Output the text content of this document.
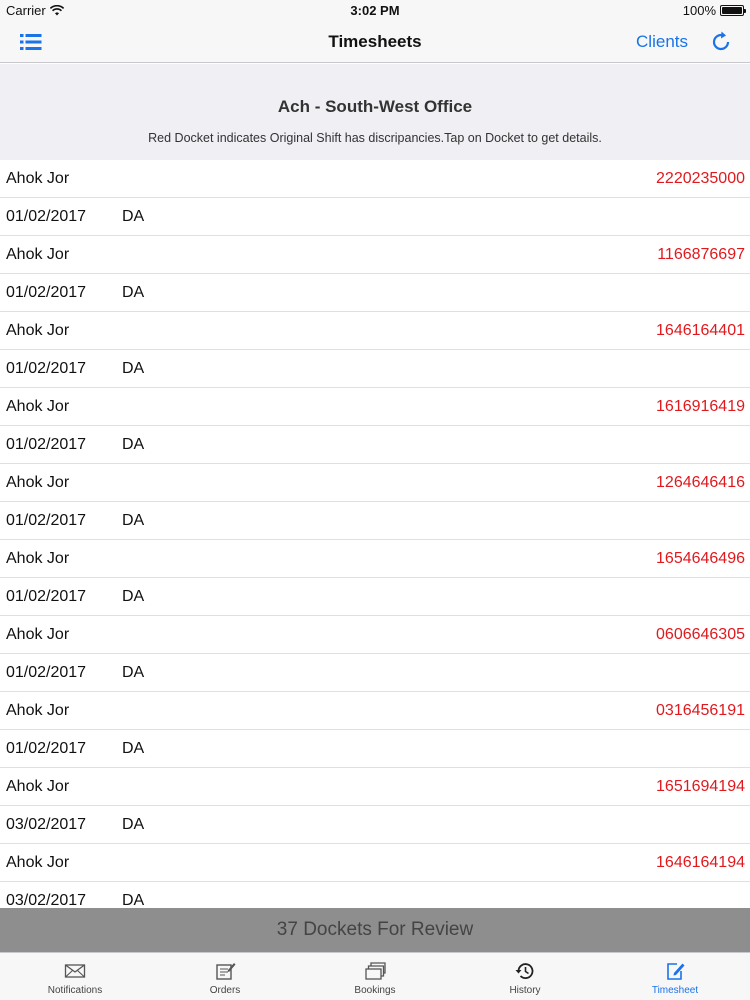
Carrier	3:02 PM	100%
Timesheets	Clients
Ach - South-West Office
Red Docket indicates Original Shift has discripancies.Tap on Docket to get details.
Ahok Jor	2220235000
01/02/2017 DA
Ahok Jor	1166876697
01/02/2017 DA
Ahok Jor	1646164401
01/02/2017 DA
Ahok Jor	1616916419
01/02/2017 DA
Ahok Jor	1264646416
01/02/2017 DA
Ahok Jor	1654646496
01/02/2017 DA
Ahok Jor	0606646305
01/02/2017 DA
Ahok Jor	0316456191
01/02/2017 DA
Ahok Jor	1651694194
03/02/2017 DA
Ahok Jor	1646164194
03/02/2017 DA
37 Dockets For Review
Notifications	Orders	Bookings	History	Timesheet
